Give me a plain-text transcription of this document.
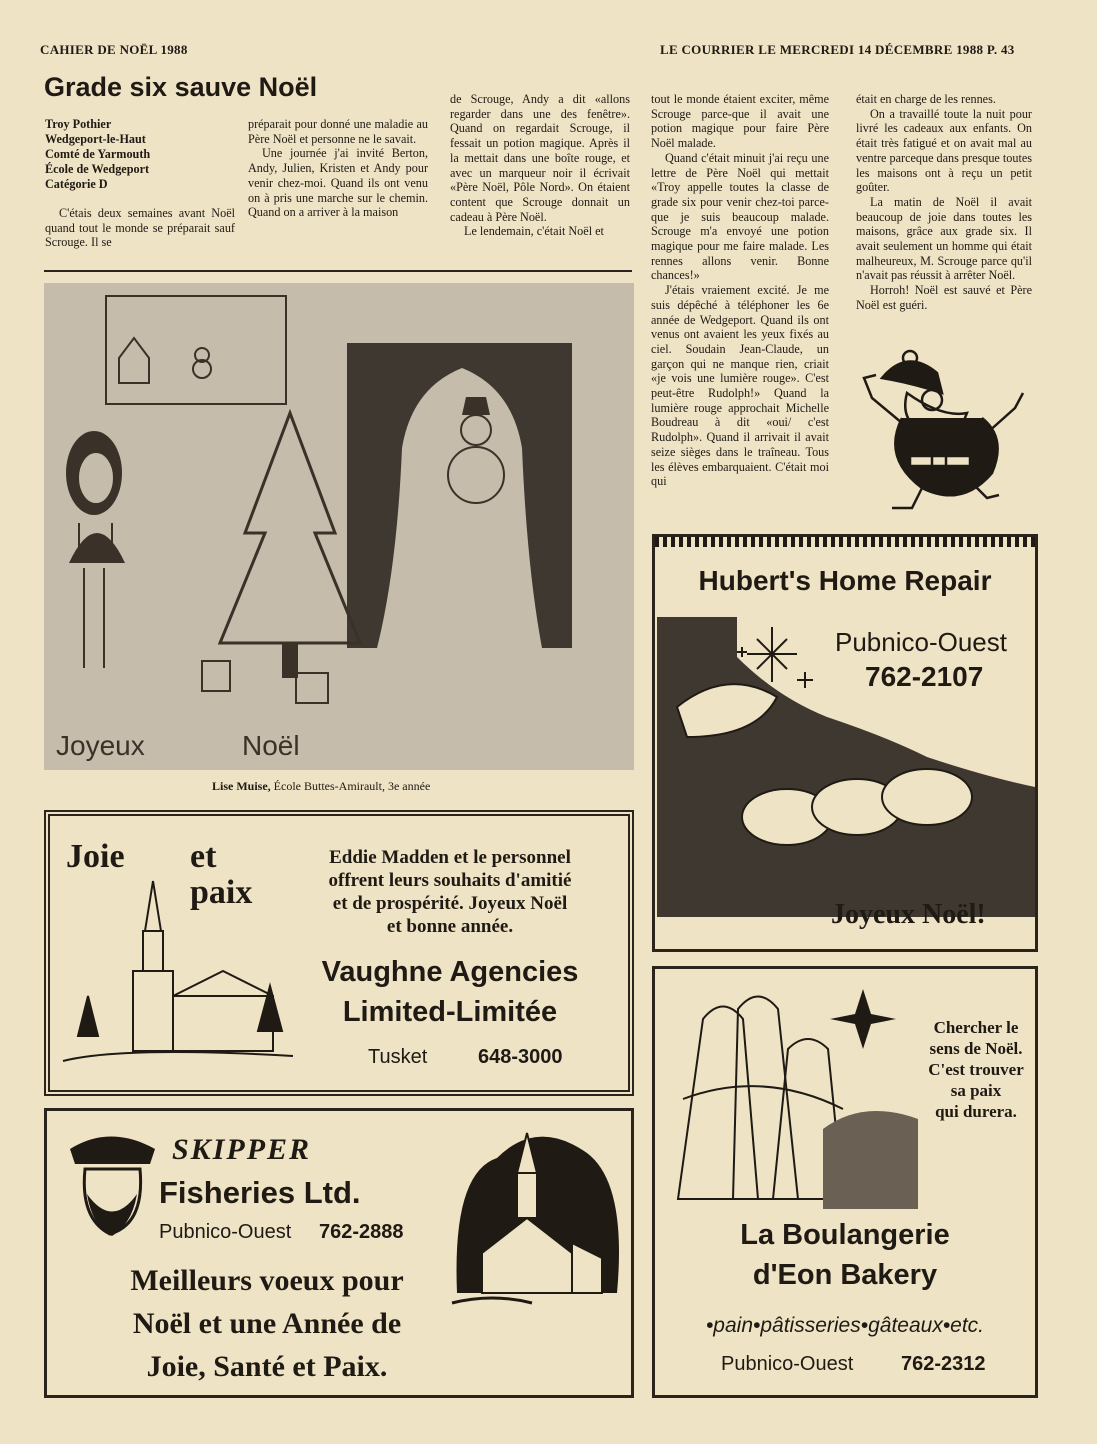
CAHIER DE NOËL 1988	LE COURRIER LE MERCREDI 14 DÉCEMBRE 1988 P. 43
Grade six sauve Noël
Troy Pothier
Wedgeport-le-Haut
Comté de Yarmouth
École de Wedgeport
Catégorie D

C'étais deux semaines avant Noël quand tout le monde se préparait sauf Scrouge. Il se

préparait pour donné une maladie au Père Noël et personne ne le savait.

Une journée j'ai invité Berton, Andy, Julien, Kristen et Andy pour venir chez-moi. Quand ils ont venu on à pris une marche sur le chemin. Quand on a arriver à la maison

de Scrouge, Andy a dit «allons regarder dans une des fenêtre». Quand on regardait Scrouge, il fessait un potion magique. Après il la mettait dans une boîte rouge, et avec un marqueur noir il écrivait «Père Noël, Pôle Nord». On étaient content que Scrouge donnait un cadeau à Père Noël.

Le lendemain, c'était Noël et

tout le monde étaient exciter, même Scrouge parce-que il avait une potion magique pour faire Père Noël malade.

Quand c'était minuit j'ai reçu une lettre de Père Noël qui mettait «Troy appelle toutes la classe de grade six pour venir chez-toi parce-que je suis beaucoup malade. Scrouge m'a envoyé une potion magique pour me faire malade. Les rennes allons venir. Bonne chances!»

J'étais vraiement excité. Je me suis dépêché à téléphoner les 6e année de Wedgeport. Quand ils ont venus ont avaient les yeux fixés au ciel. Soudain Jean-Claude, un garçon qui ne manque rien, criait «je vois une lumière rouge». C'est peut-être Rudolph!» Quand la lumière rouge approchait Michelle Boudreau à dit «oui/ c'est Rudolph». Quand il arrivait il avait seize sièges dans le traîneau. Tous les élèves embarquaient. C'était moi qui

était en charge de les rennes.

On a travaillé toute la nuit pour livré les cadeaux aux enfants. On était très fatigué et on avait mal au ventre parceque dans presque toutes les maisons ont à reçu un petit goûter.

La matin de Noël il avait beaucoup de joie dans toutes les maisons, grâce aux grade six. Il avait seulement un homme qui était malheureux, M. Scrouge parce qu'il n'avait pas réussit à arrêter Noël.

Horroh! Noël est sauvé et Père Noël est guéri.

Joyeux	Noël
Lise Muise, École Buttes-Amirault, 3e année
Joie et
paix
Eddie Madden et le personnel
offrent leurs souhaits d'amitié
et de prospérité. Joyeux Noël
et bonne année.
Vaughne Agencies
Limited-Limitée
Tusket	648-3000
SKIPPER
Fisheries Ltd.
Pubnico-Ouest 762-2888
Meilleurs voeux pour
Noël et une Année de
Joie, Santé et Paix.
Hubert's Home Repair
Pubnico-Ouest
762-2107
Joyeux Noël!
Chercher le
sens de Noël.
C'est trouver
sa paix
qui durera.
La Boulangerie
d'Eon Bakery
•pain•pâtisseries•gâteaux•etc.
Pubnico-Ouest 762-2312
